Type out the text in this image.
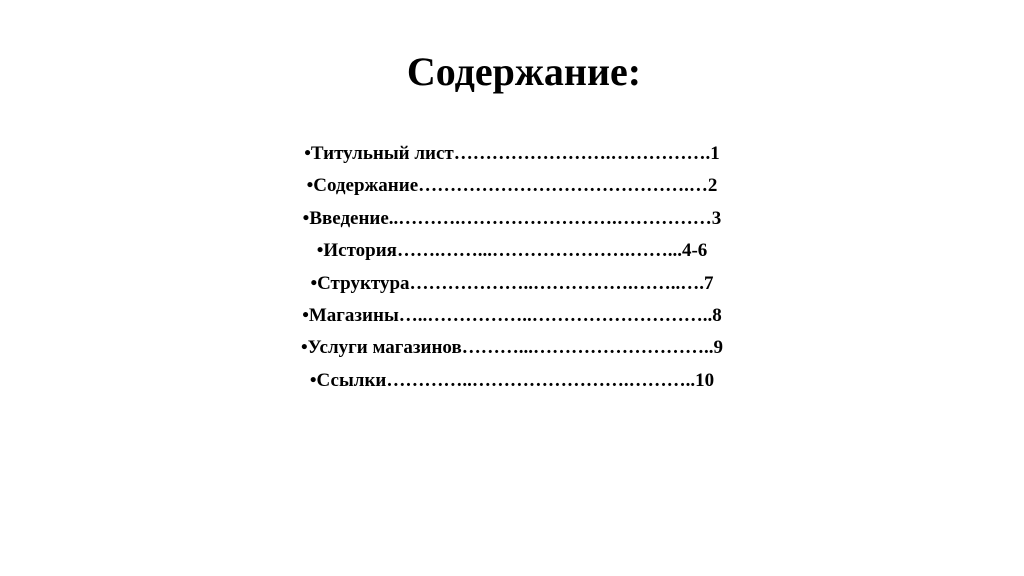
Содержание:
•Титульный лист…………………….…………….1
•Содержание…………………………………….…2
•Введение..……….…………………….……………3
•История…….……...………………….……...4-6
•Структура………………..…………….……..….7
•Магазины…..……………..………………………..8
•Услуги магазинов………...………………………..9
•Ссылки…………..…………………….………..10
